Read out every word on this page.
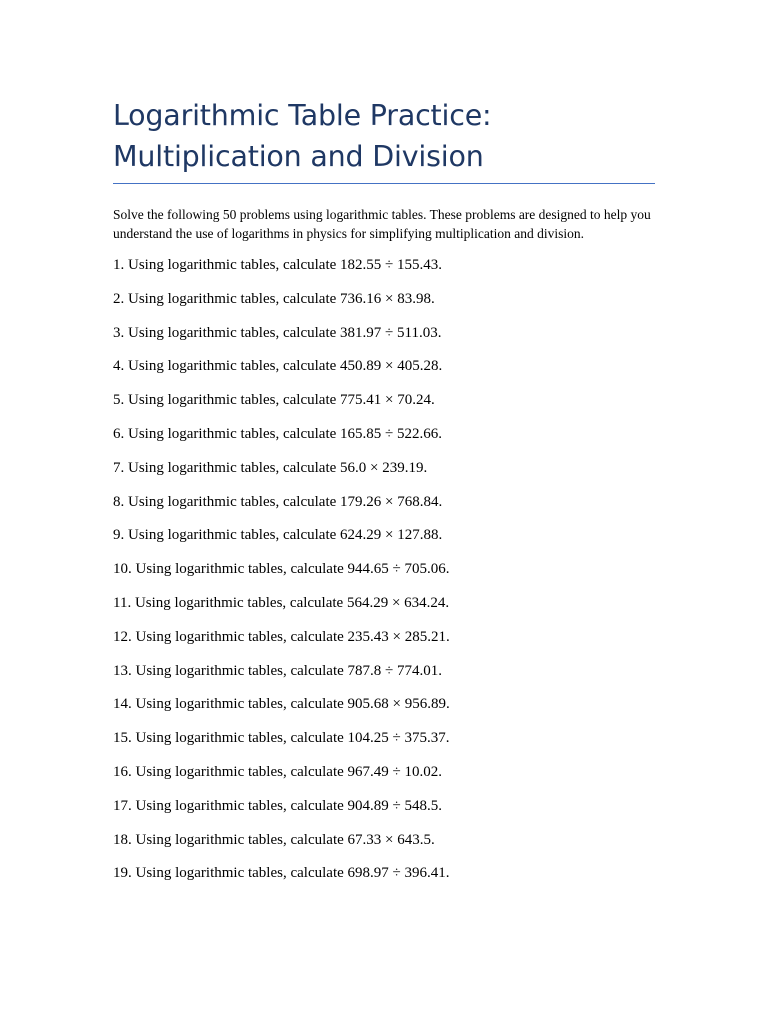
Logarithmic Table Practice:
Multiplication and Division

Solve the following 50 problems using logarithmic tables. These problems are designed to help you understand the use of logarithms in physics for simplifying multiplication and division.

1. Using logarithmic tables, calculate 182.55 ÷ 155.43.
2. Using logarithmic tables, calculate 736.16 × 83.98.
3. Using logarithmic tables, calculate 381.97 ÷ 511.03.
4. Using logarithmic tables, calculate 450.89 × 405.28.
5. Using logarithmic tables, calculate 775.41 × 70.24.
6. Using logarithmic tables, calculate 165.85 ÷ 522.66.
7. Using logarithmic tables, calculate 56.0 × 239.19.
8. Using logarithmic tables, calculate 179.26 × 768.84.
9. Using logarithmic tables, calculate 624.29 × 127.88.
10. Using logarithmic tables, calculate 944.65 ÷ 705.06.
11. Using logarithmic tables, calculate 564.29 × 634.24.
12. Using logarithmic tables, calculate 235.43 × 285.21.
13. Using logarithmic tables, calculate 787.8 ÷ 774.01.
14. Using logarithmic tables, calculate 905.68 × 956.89.
15. Using logarithmic tables, calculate 104.25 ÷ 375.37.
16. Using logarithmic tables, calculate 967.49 ÷ 10.02.
17. Using logarithmic tables, calculate 904.89 ÷ 548.5.
18. Using logarithmic tables, calculate 67.33 × 643.5.
19. Using logarithmic tables, calculate 698.97 ÷ 396.41.
